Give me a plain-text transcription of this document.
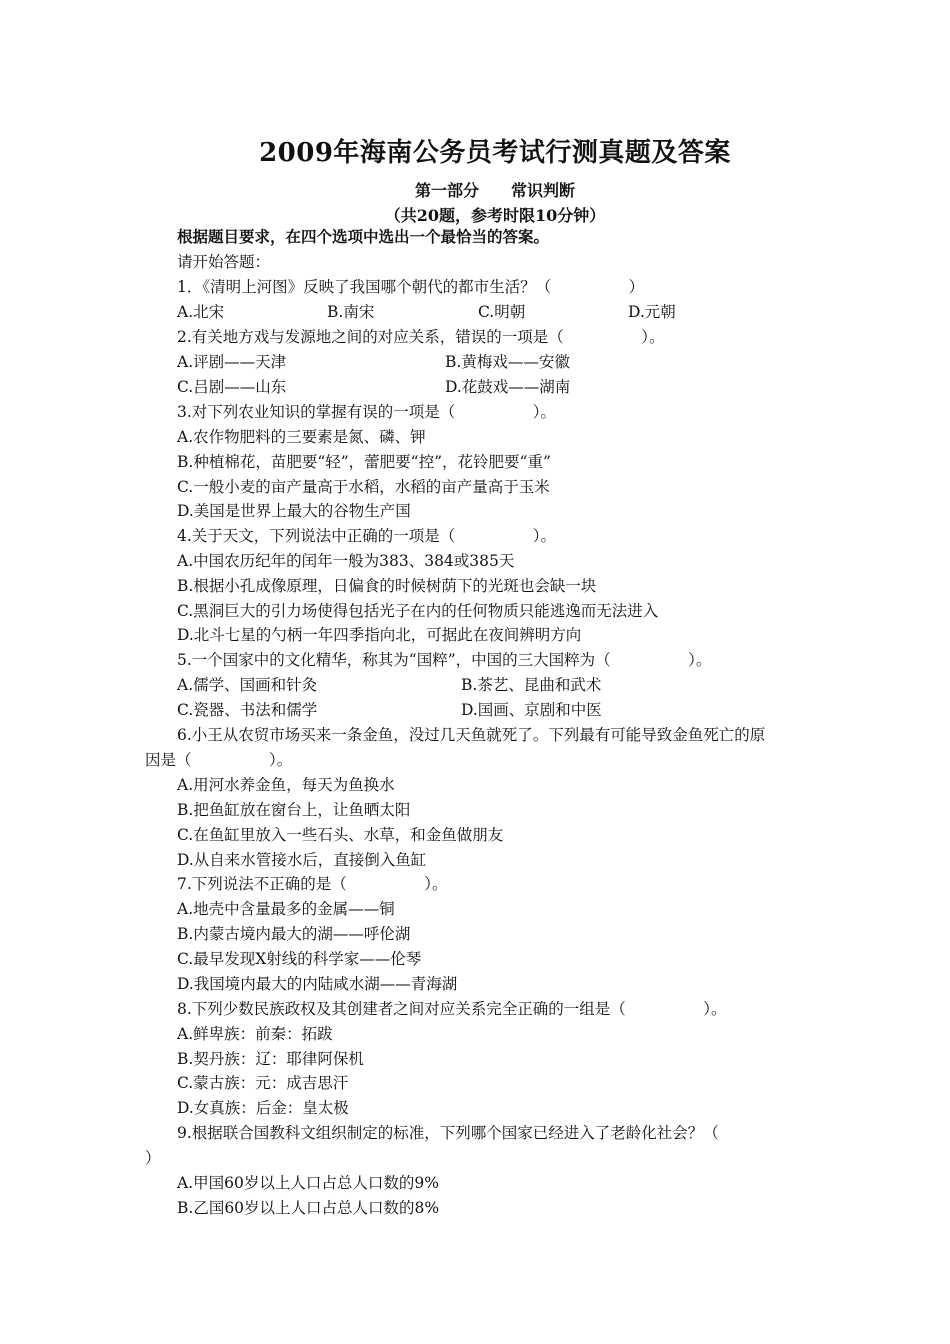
2009年海南公务员考试行测真题及答案
第一部分　　常识判断
（共20题，参考时限10分钟）
根据题目要求，在四个选项中选出一个最恰当的答案。
请开始答题：
1．《清明上河图》反映了我国哪个朝代的都市生活？（　　　　　）
A.北宋	B.南宋	C.明朝	D.元朝
2.有关地方戏与发源地之间的对应关系，错误的一项是（　　　　　）。
A.评剧——天津	B.黄梅戏——安徽
C.吕剧——山东	D.花鼓戏——湖南
3.对下列农业知识的掌握有误的一项是（　　　　　）。
A.农作物肥料的三要素是氮、磷、钾
B.种植棉花，苗肥要“轻”，蕾肥要“控”，花铃肥要“重”
C.一般小麦的亩产量高于水稻，水稻的亩产量高于玉米
D.美国是世界上最大的谷物生产国
4.关于天文，下列说法中正确的一项是（　　　　　）。
A.中国农历纪年的闰年一般为383、384或385天
B.根据小孔成像原理，日偏食的时候树荫下的光斑也会缺一块
C.黑洞巨大的引力场使得包括光子在内的任何物质只能逃逸而无法进入
D.北斗七星的勺柄一年四季指向北，可据此在夜间辨明方向
5.一个国家中的文化精华，称其为“国粹”，中国的三大国粹为（　　　　　）。
A.儒学、国画和针灸	B.茶艺、昆曲和武术
C.瓷器、书法和儒学	D.国画、京剧和中医
6.小王从农贸市场买来一条金鱼，没过几天鱼就死了。下列最有可能导致金鱼死亡的原
因是（　　　　　）。
A.用河水养金鱼，每天为鱼换水
B.把鱼缸放在窗台上，让鱼晒太阳
C.在鱼缸里放入一些石头、水草，和金鱼做朋友
D.从自来水管接水后，直接倒入鱼缸
7.下列说法不正确的是（　　　　　）。
A.地壳中含量最多的金属——铜
B.内蒙古境内最大的湖——呼伦湖
C.最早发现X射线的科学家——伦琴
D.我国境内最大的内陆咸水湖——青海湖
8.下列少数民族政权及其创建者之间对应关系完全正确的一组是（　　　　　）。
A.鲜卑族：前秦：拓跋
B.契丹族：辽：耶律阿保机
C.蒙古族：元：成吉思汗
D.女真族：后金：皇太极
9.根据联合国教科文组织制定的标准，下列哪个国家已经进入了老龄化社会？（
）
A.甲国60岁以上人口占总人口数的9%
B.乙国60岁以上人口占总人口数的8%
